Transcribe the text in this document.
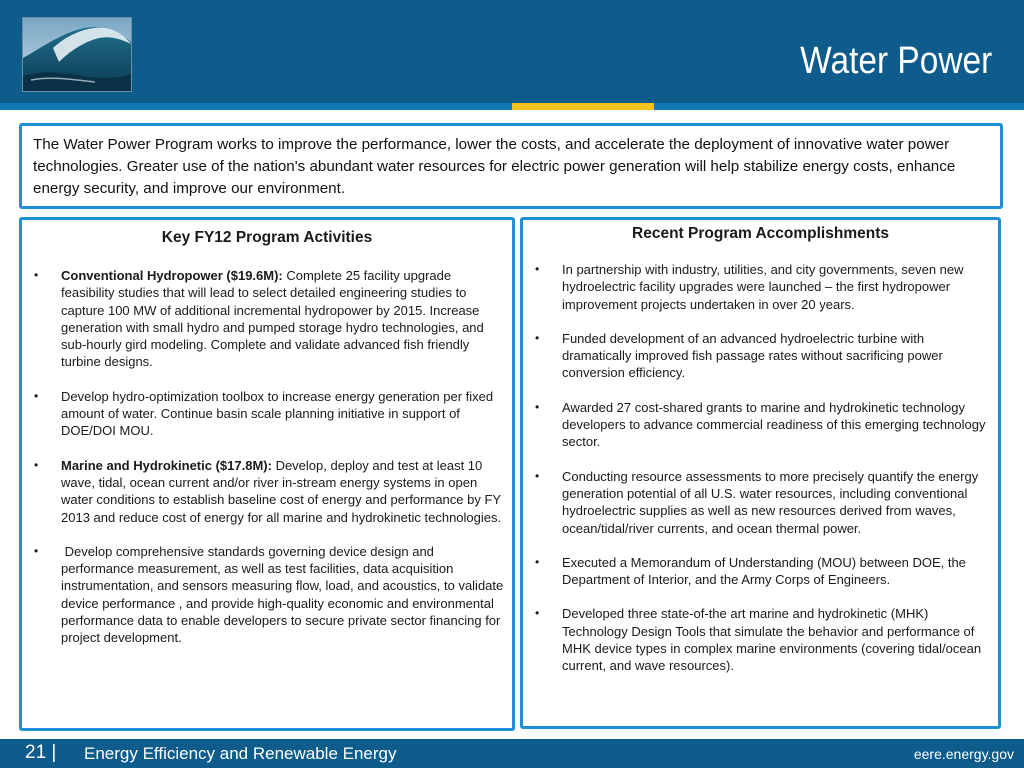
Water Power
The Water Power Program works to improve the performance, lower the costs, and accelerate the deployment of innovative water power technologies. Greater use of the nation's abundant water resources for electric power generation will help stabilize energy costs, enhance energy security, and improve our environment.
Key FY12 Program Activities
• Conventional Hydropower ($19.6M): Complete 25 facility upgrade feasibility studies that will lead to select detailed engineering studies to capture 100 MW of additional incremental hydropower by 2015. Increase generation with small hydro and pumped storage hydro technologies, and sub-hourly gird modeling. Complete and validate advanced fish friendly turbine designs.
• Develop hydro-optimization toolbox to increase energy generation per fixed amount of water. Continue basin scale planning initiative in support of DOE/DOI MOU.
• Marine and Hydrokinetic ($17.8M): Develop, deploy and test at least 10 wave, tidal, ocean current and/or river in-stream energy systems in open water conditions to establish baseline cost of energy and performance by FY 2013 and reduce cost of energy for all marine and hydrokinetic technologies.
• Develop comprehensive standards governing device design and performance measurement, as well as test facilities, data acquisition instrumentation, and sensors measuring flow, load, and acoustics, to validate device performance , and provide high-quality economic and environmental performance data to enable developers to secure private sector financing for project development.
Recent Program Accomplishments
• In partnership with industry, utilities, and city governments, seven new hydroelectric facility upgrades were launched – the first hydropower improvement projects undertaken in over 20 years.
• Funded development of an advanced hydroelectric turbine with dramatically improved fish passage rates without sacrificing power conversion efficiency.
• Awarded 27 cost-shared grants to marine and hydrokinetic technology developers to advance commercial readiness of this emerging technology sector.
• Conducting resource assessments to more precisely quantify the energy generation potential of all U.S. water resources, including conventional hydroelectric supplies as well as new resources derived from waves, ocean/tidal/river currents, and ocean thermal power.
• Executed a Memorandum of Understanding (MOU) between DOE, the Department of Interior, and the Army Corps of Engineers.
• Developed three state-of-the art marine and hydrokinetic (MHK) Technology Design Tools that simulate the behavior and performance of MHK device types in complex marine environments (covering tidal/ocean current, and wave resources).
21 | Energy Efficiency and Renewable Energy	eere.energy.gov
